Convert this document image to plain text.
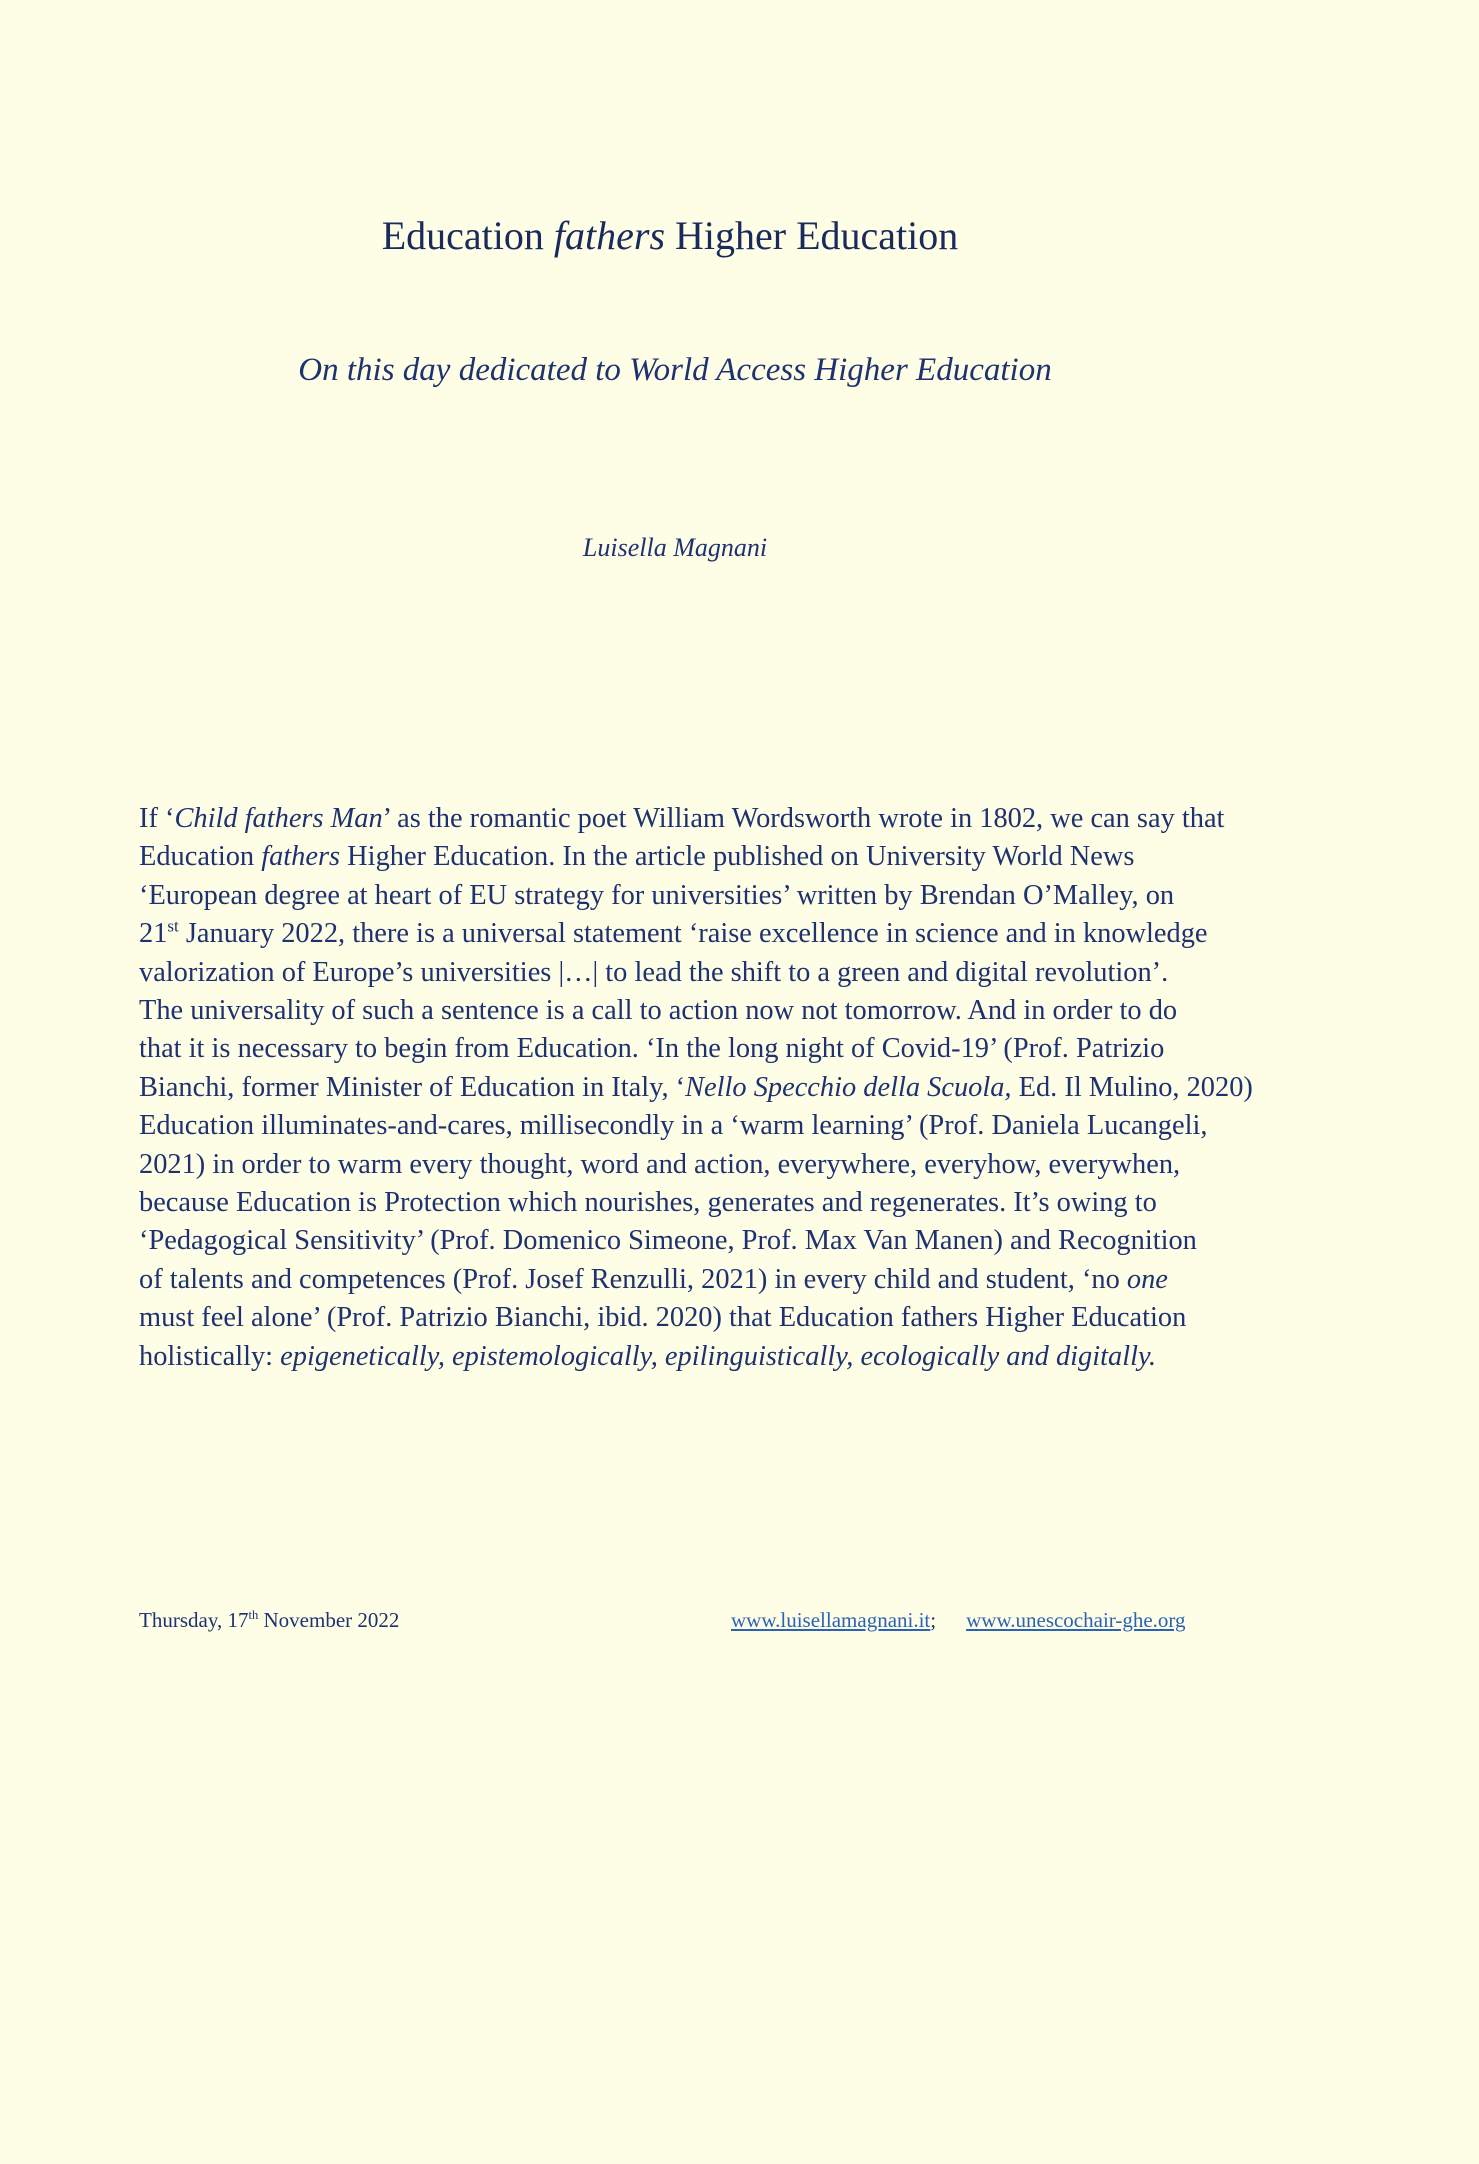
Education fathers Higher Education
On this day dedicated to World Access Higher Education
Luisella Magnani
If ‘Child fathers Man’ as the romantic poet William Wordsworth wrote in 1802, we can say that
Education fathers Higher Education. In the article published on University World News
‘European degree at heart of EU strategy for universities’ written by Brendan O’Malley, on
21st January 2022, there is a universal statement ‘raise excellence in science and in knowledge
valorization of Europe’s universities |…| to lead the shift to a green and digital revolution’.
The universality of such a sentence is a call to action now not tomorrow. And in order to do
that it is necessary to begin from Education. ‘In the long night of Covid-19’ (Prof. Patrizio
Bianchi, former Minister of Education in Italy, ‘Nello Specchio della Scuola, Ed. Il Mulino, 2020)
Education illuminates-and-cares, millisecondly in a ‘warm learning’ (Prof. Daniela Lucangeli,
2021) in order to warm every thought, word and action, everywhere, everyhow, everywhen,
because Education is Protection which nourishes, generates and regenerates. It’s owing to
‘Pedagogical Sensitivity’ (Prof. Domenico Simeone, Prof. Max Van Manen) and Recognition
of talents and competences (Prof. Josef Renzulli, 2021) in every child and student, ‘no one
must feel alone’ (Prof. Patrizio Bianchi, ibid. 2020) that Education fathers Higher Education
holistically: epigenetically, epistemologically, epilinguistically, ecologically and digitally.
Thursday, 17th November 2022	www.luisellamagnani.it; www.unescochair-ghe.org
